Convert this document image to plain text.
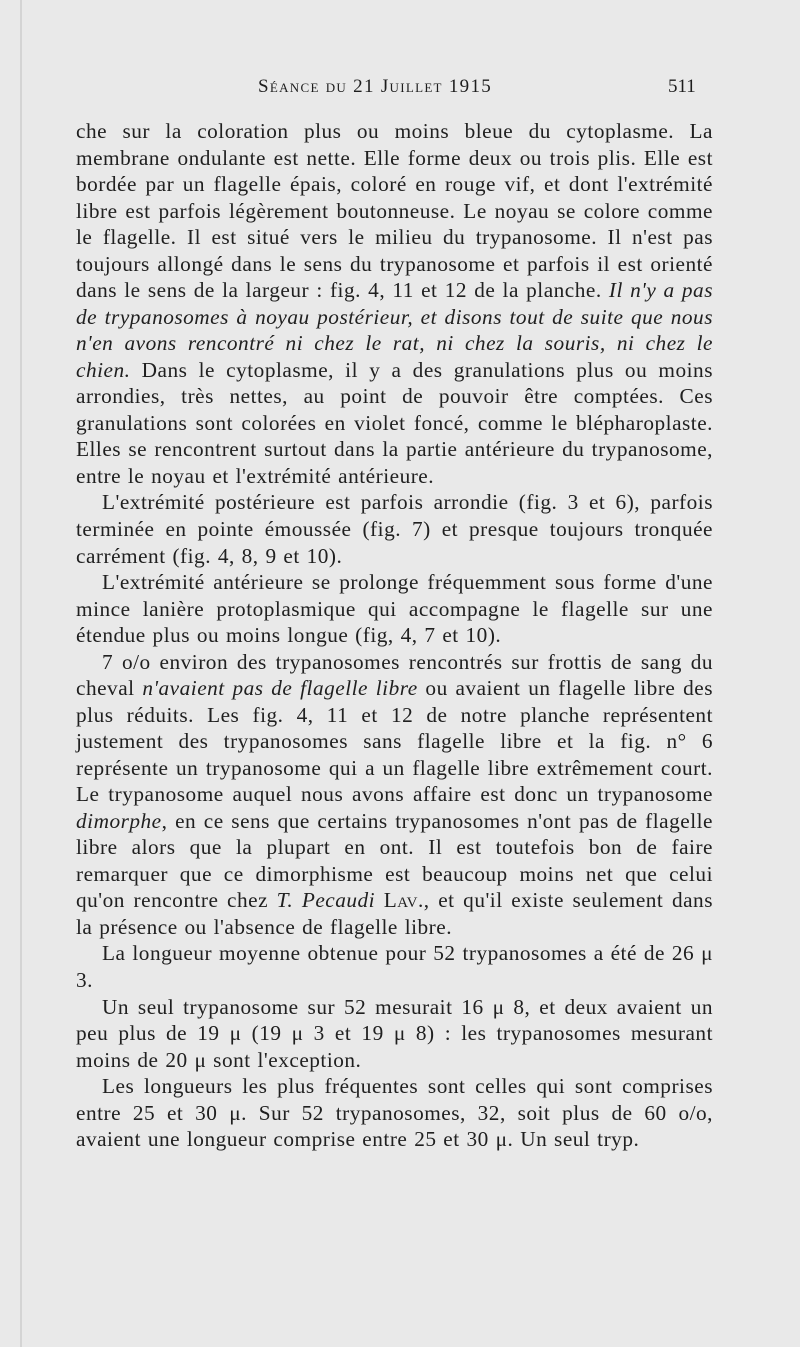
Séance du 21 Juillet 1915	511

che sur la coloration plus ou moins bleue du cytoplasme. La membrane ondulante est nette. Elle forme deux ou trois plis. Elle est bordée par un flagelle épais, coloré en rouge vif, et dont l'extrémité libre est parfois légèrement boutonneuse. Le noyau se colore comme le flagelle. Il est situé vers le milieu du trypanosome. Il n'est pas toujours allongé dans le sens du trypanosome et parfois il est orienté dans le sens de la largeur : fig. 4, 11 et 12 de la planche. Il n'y a pas de trypanosomes à noyau postérieur, et disons tout de suite que nous n'en avons rencontré ni chez le rat, ni chez la souris, ni chez le chien. Dans le cytoplasme, il y a des granulations plus ou moins arrondies, très nettes, au point de pouvoir être comptées. Ces granulations sont colorées en violet foncé, comme le blépharoplaste. Elles se rencontrent surtout dans la partie antérieure du trypanosome, entre le noyau et l'extrémité antérieure.

L'extrémité postérieure est parfois arrondie (fig. 3 et 6), parfois terminée en pointe émoussée (fig. 7) et presque toujours tronquée carrément (fig. 4, 8, 9 et 10).

L'extrémité antérieure se prolonge fréquemment sous forme d'une mince lanière protoplasmique qui accompagne le flagelle sur une étendue plus ou moins longue (fig, 4, 7 et 10).

7 o/o environ des trypanosomes rencontrés sur frottis de sang du cheval n'avaient pas de flagelle libre ou avaient un flagelle libre des plus réduits. Les fig. 4, 11 et 12 de notre planche représentent justement des trypanosomes sans flagelle libre et la fig. n° 6 représente un trypanosome qui a un flagelle libre extrêmement court. Le trypanosome auquel nous avons affaire est donc un trypanosome dimorphe, en ce sens que certains trypanosomes n'ont pas de flagelle libre alors que la plupart en ont. Il est toutefois bon de faire remarquer que ce dimorphisme est beaucoup moins net que celui qu'on rencontre chez T. Pecaudi Lav., et qu'il existe seulement dans la présence ou l'absence de flagelle libre.

La longueur moyenne obtenue pour 52 trypanosomes a été de 26 μ 3.

Un seul trypanosome sur 52 mesurait 16 μ 8, et deux avaient un peu plus de 19 μ (19 μ 3 et 19 μ 8) : les trypanosomes mesurant moins de 20 μ sont l'exception.

Les longueurs les plus fréquentes sont celles qui sont comprises entre 25 et 30 μ. Sur 52 trypanosomes, 32, soit plus de 60 o/o, avaient une longueur comprise entre 25 et 30 μ. Un seul tryp.
